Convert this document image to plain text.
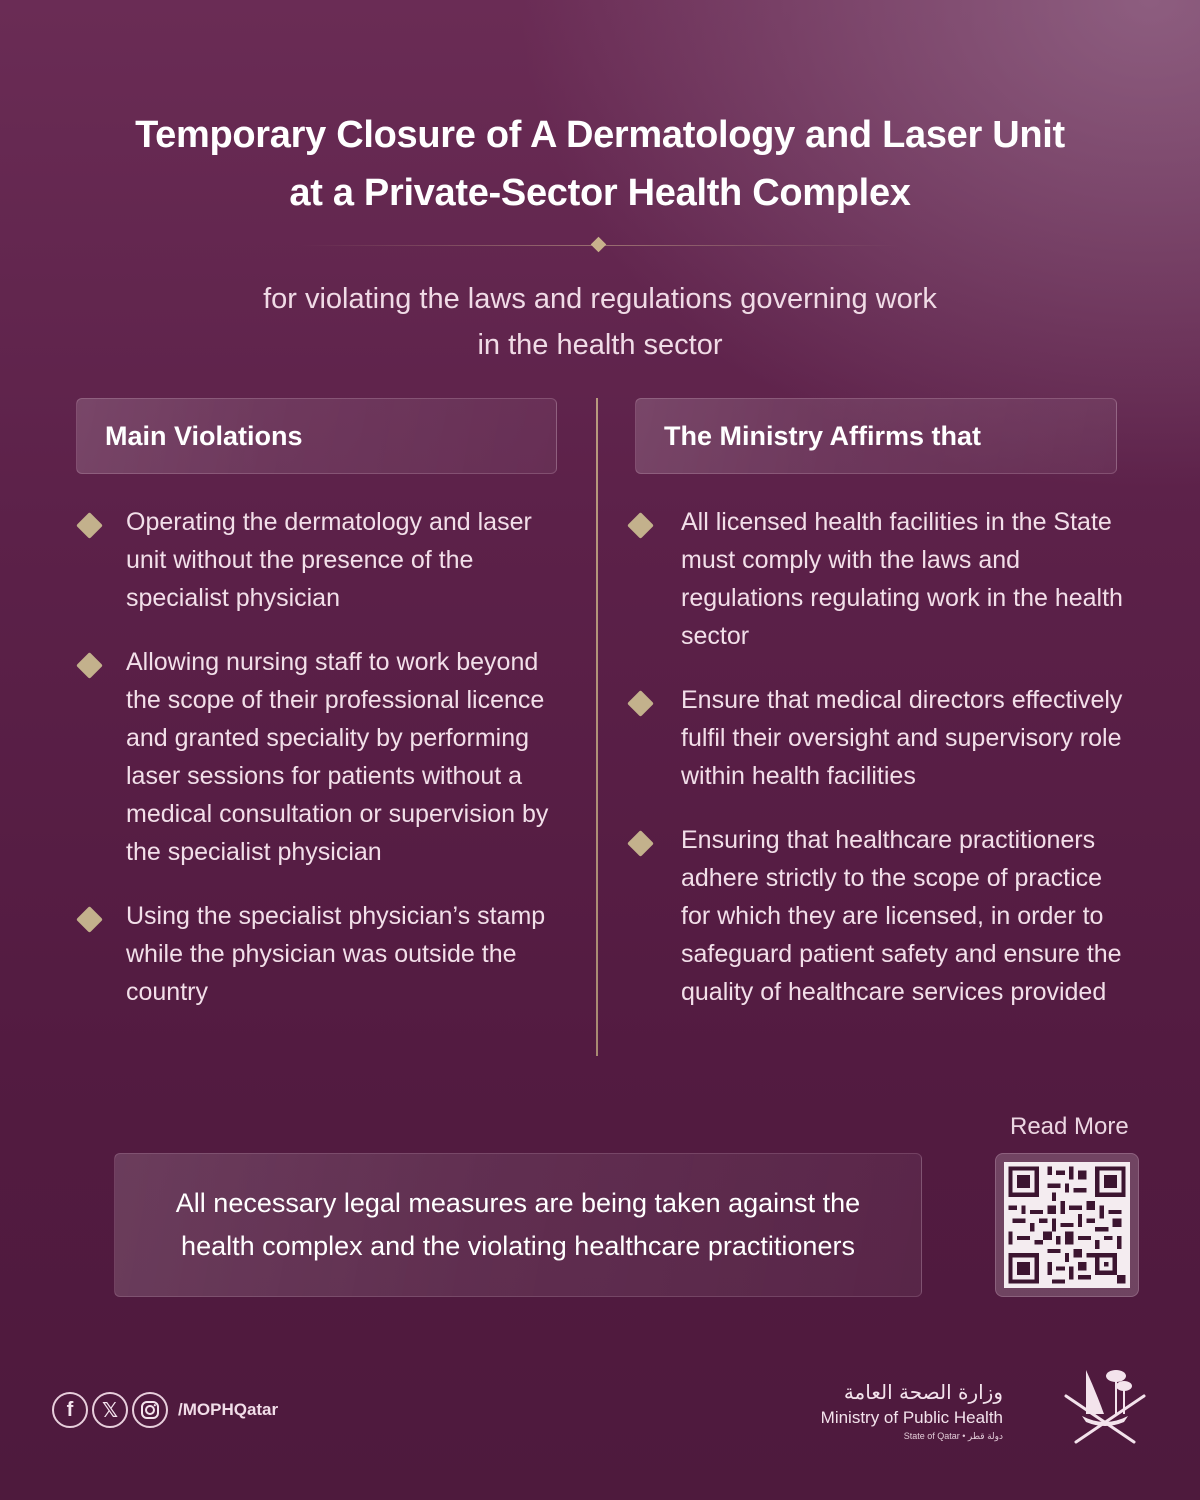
Temporary Closure of A Dermatology and Laser Unit
at a Private-Sector Health Complex
for violating the laws and regulations governing work
in the health sector
Main Violations	The Ministry Affirms that
Operating the dermatology and laser unit without the presence of the specialist physician
Allowing nursing staff to work beyond the scope of their professional licence and granted speciality by performing laser sessions for patients without a medical consultation or supervision by the specialist physician
Using the specialist physician’s stamp while the physician was outside the country
All licensed health facilities in the State must comply with the laws and regulations regulating work in the health sector
Ensure that medical directors effectively fulfil their oversight and supervisory role within health facilities
Ensuring that healthcare practitioners adhere strictly to the scope of practice for which they are licensed, in order to safeguard patient safety and ensure the quality of healthcare services provided
All necessary legal measures are being taken against the
health complex and the violating healthcare practitioners
Read More
f	𝕏	/MOPHQatar
وزارة الصحة العامة
Ministry of Public Health
State of Qatar • دولة قطر
